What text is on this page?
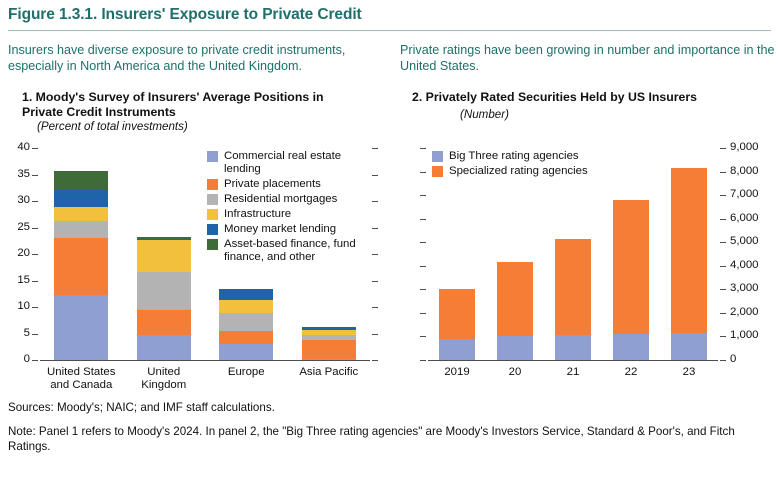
Figure 1.3.1. Insurers' Exposure to Private Credit
Insurers have diverse exposure to private credit instruments, especially in North America and the United Kingdom.
Private ratings have been growing in number and importance in the United States.
1. Moody's Survey of Insurers' Average Positions in Private Credit Instruments
(Percent of total investments)
2. Privately Rated Securities Held by US Insurers
(Number)
0
5
10
15
20
25
30
35
40
United States
and Canada
United
Kingdom
Europe	Asia Pacific
Commercial real estate lending
Private placements
Residential mortgages
Infrastructure
Money market lending
Asset-based finance, fund finance, and other
0
1,000
2,000
3,000
4,000
5,000
6,000
7,000
8,000
9,000
2019	20	21	22	23
Big Three rating agencies
Specialized rating agencies
Sources: Moody's; NAIC; and IMF staff calculations.
Note: Panel 1 refers to Moody's 2024. In panel 2, the "Big Three rating agencies" are Moody's Investors Service, Standard & Poor's, and Fitch Ratings.
